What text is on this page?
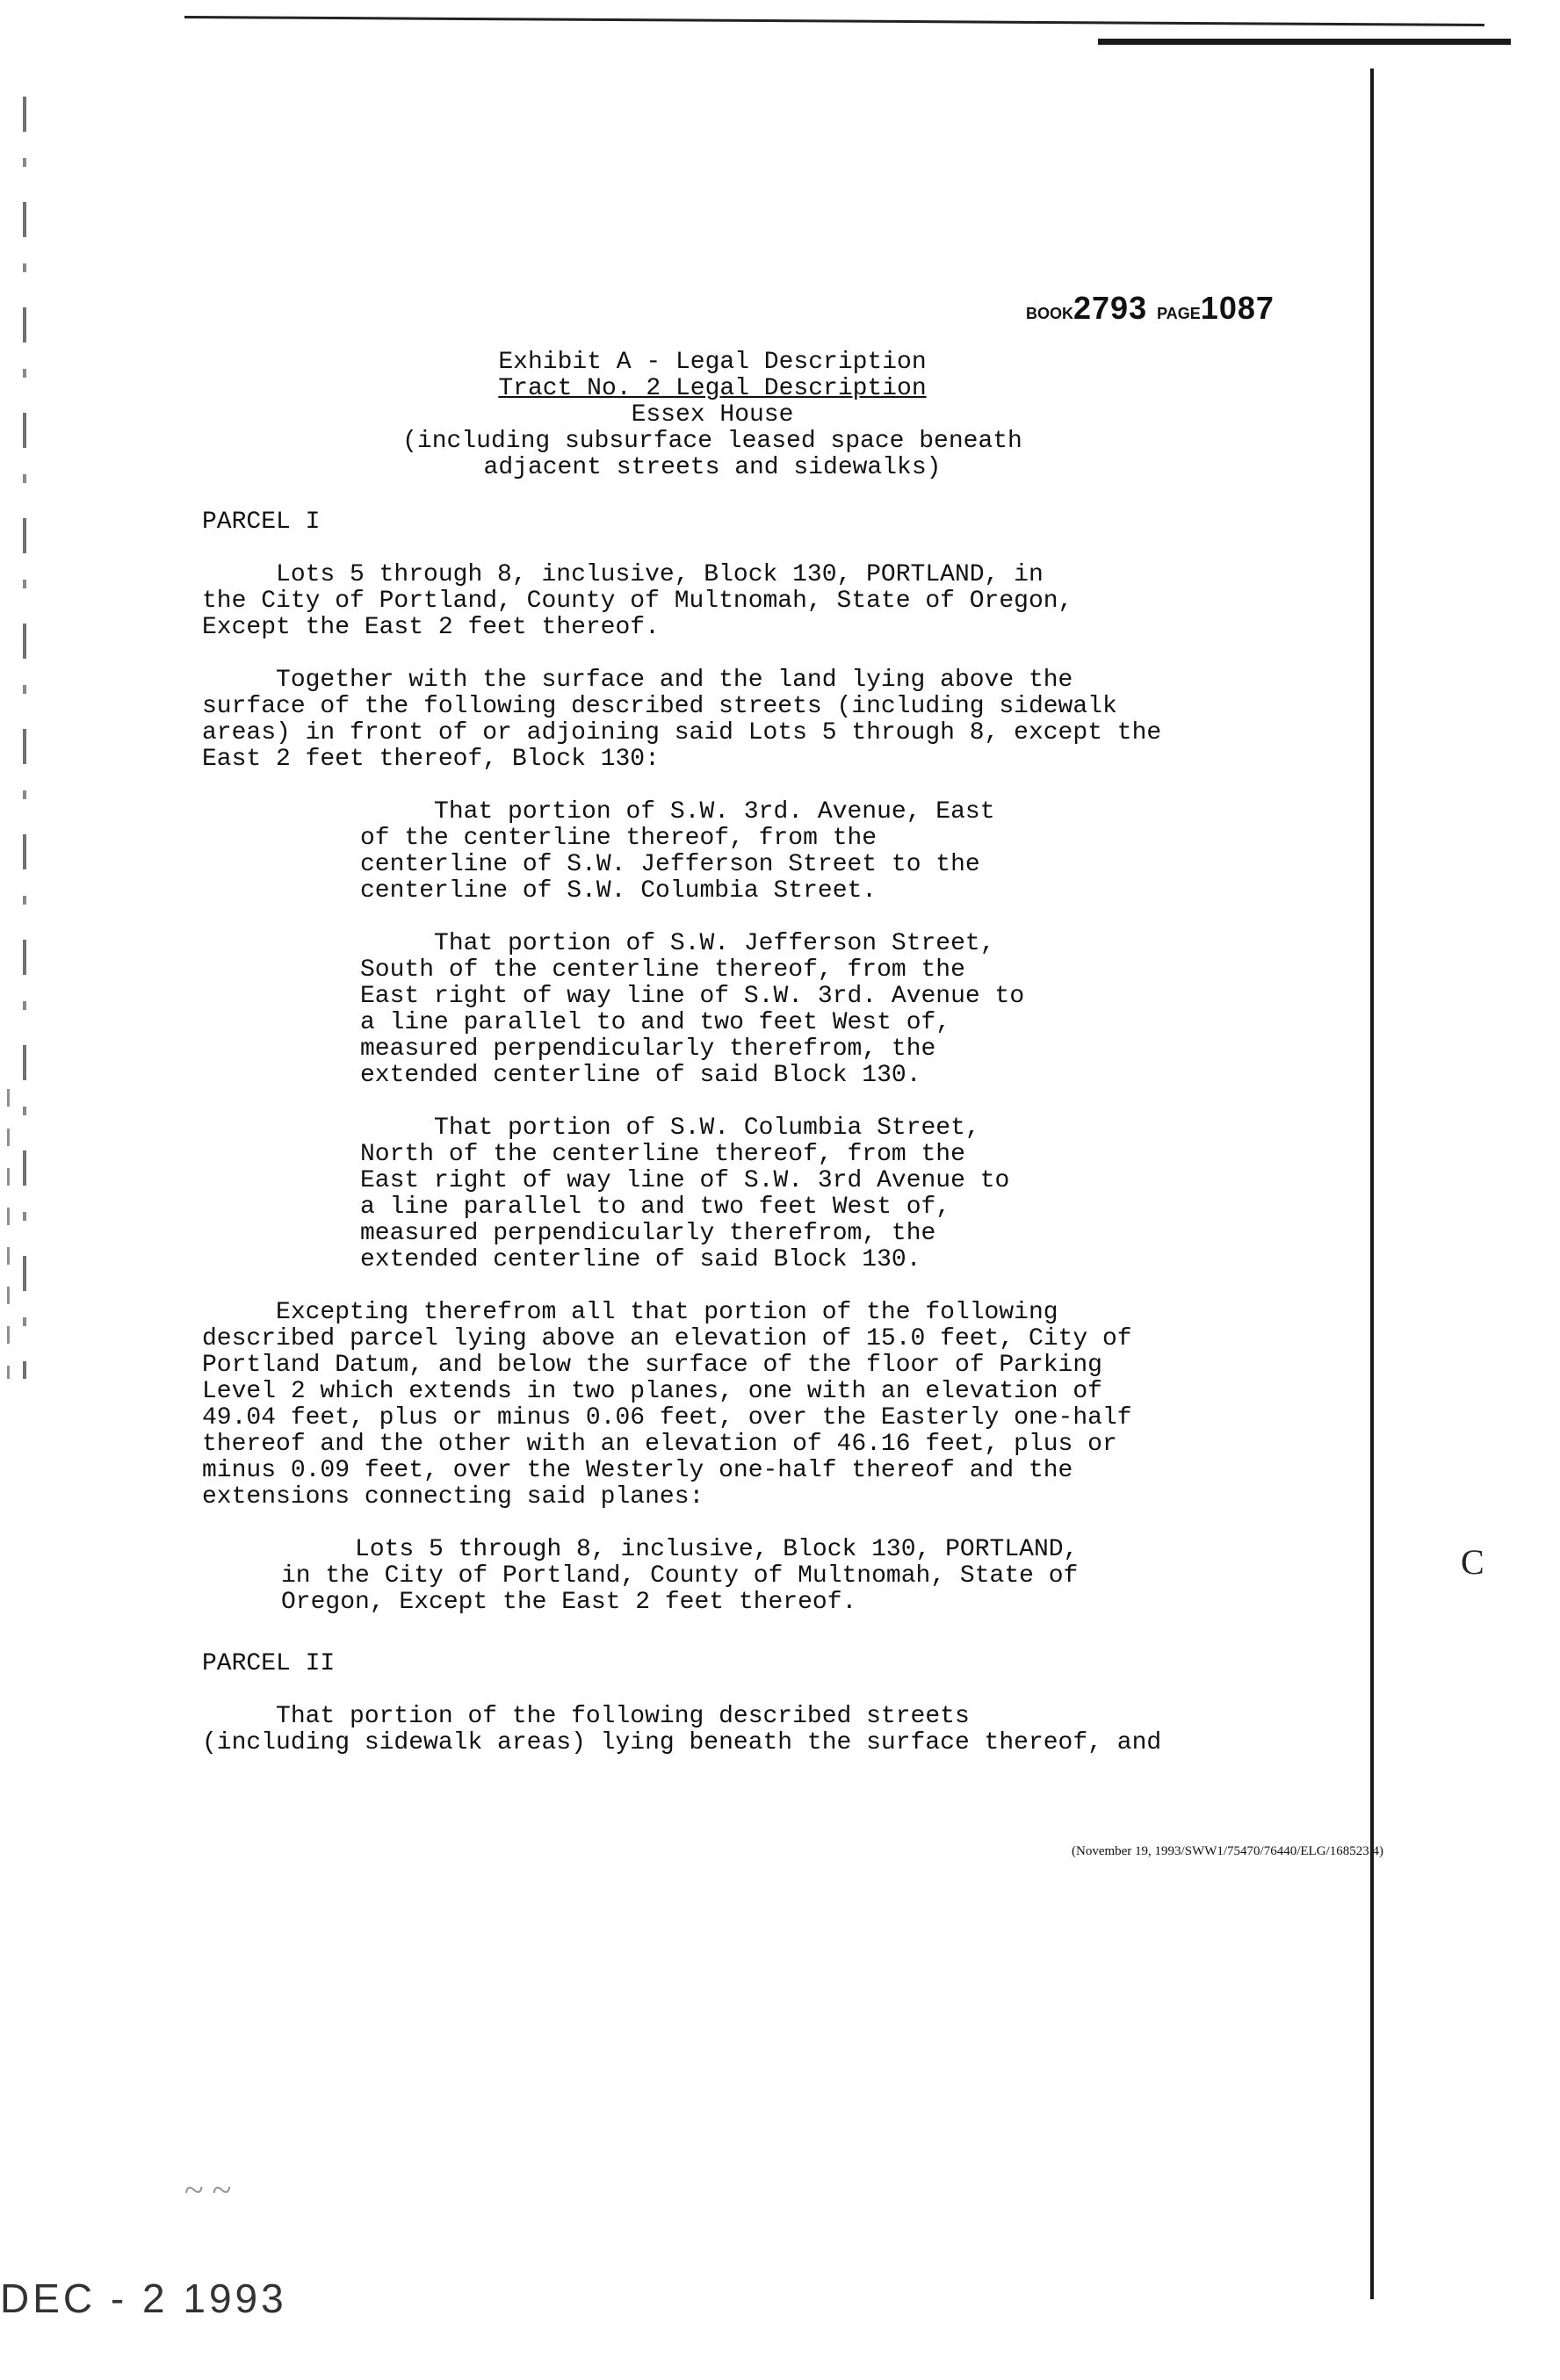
BOOK2793 PAGE1087
Exhibit A - Legal Description
Tract No. 2 Legal Description
Essex House
(including subsurface leased space beneath
adjacent streets and sidewalks)
PARCEL I
Lots 5 through 8, inclusive, Block 130, PORTLAND, in
the City of Portland, County of Multnomah, State of Oregon,
Except the East 2 feet thereof.
Together with the surface and the land lying above the
surface of the following described streets (including sidewalk
areas) in front of or adjoining said Lots 5 through 8, except the
East 2 feet thereof, Block 130:
That portion of S.W. 3rd. Avenue, East
of the centerline thereof, from the
centerline of S.W. Jefferson Street to the
centerline of S.W. Columbia Street.
That portion of S.W. Jefferson Street,
South of the centerline thereof, from the
East right of way line of S.W. 3rd. Avenue to
a line parallel to and two feet West of,
measured perpendicularly therefrom, the
extended centerline of said Block 130.
That portion of S.W. Columbia Street,
North of the centerline thereof, from the
East right of way line of S.W. 3rd Avenue to
a line parallel to and two feet West of,
measured perpendicularly therefrom, the
extended centerline of said Block 130.
Excepting therefrom all that portion of the following
described parcel lying above an elevation of 15.0 feet, City of
Portland Datum, and below the surface of the floor of Parking
Level 2 which extends in two planes, one with an elevation of
49.04 feet, plus or minus 0.06 feet, over the Easterly one-half
thereof and the other with an elevation of 46.16 feet, plus or
minus 0.09 feet, over the Westerly one-half thereof and the
extensions connecting said planes:
Lots 5 through 8, inclusive, Block 130, PORTLAND,
in the City of Portland, County of Multnomah, State of
Oregon, Except the East 2 feet thereof.
PARCEL II
That portion of the following described streets
(including sidewalk areas) lying beneath the surface thereof, and
(November 19, 1993/SWW1/75470/76440/ELG/168523.4)
C
~ ~
DEC - 2 1993
